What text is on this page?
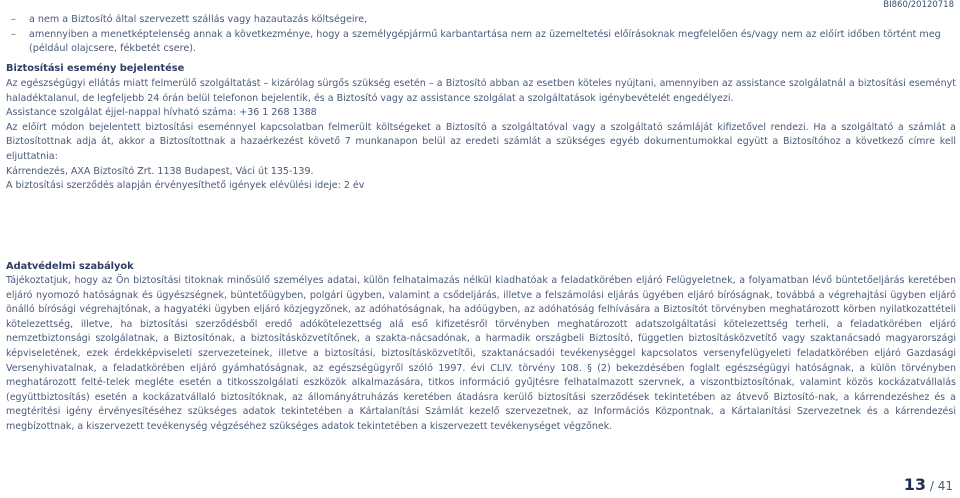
BI860/20120718
–	a nem a Biztosító által szervezett szállás vagy hazautazás költségeire,
–	amennyiben a menetképtelenség annak a következménye, hogy a személygépjármű karbantartása nem az üzemeltetési előírásoknak megfelelően és/vagy nem az előírt időben történt meg (például olajcsere, fékbetét csere).
Biztosítási esemény bejelentése

Az egészségügyi ellátás miatt felmerülő szolgáltatást – kizárólag sürgős szükség esetén – a Biztosító abban az esetben köteles nyújtani, amennyiben az assistance szolgálatnál a biztosítási eseményt haladéktalanul, de legfeljebb 24 órán belül telefonon bejelentik, és a Biztosító vagy az assistance szolgálat a szolgáltatások igénybevételét engedélyezi.

Assistance szolgálat éjjel-nappal hívható száma: +36 1 268 1388

Az előírt módon bejelentett biztosítási eseménnyel kapcsolatban felmerült költségeket a Biztosító a szolgáltatóval vagy a szolgáltató számláját kifizetővel rendezi. Ha a szolgáltató a számlát a Biztosítottnak adja át, akkor a Biztosítottnak a hazaérkezést követő 7 munkanapon belül az eredeti számlát a szükséges egyéb dokumentumokkal együtt a Biztosítóhoz a következő címre kell eljuttatnia:

Kárrendezés, AXA Biztosító Zrt. 1138 Budapest, Váci út 135-139.

A biztosítási szerződés alapján érvényesíthető igények elévülési ideje: 2 év

Adatvédelmi szabályok

Tájékoztatjuk, hogy az Ön biztosítási titoknak minősülő személyes adatai, külön felhatalmazás nélkül kiadhatóak a feladatkörében eljáró Felügyeletnek, a folyamatban lévő büntetőeljárás keretében eljáró nyomozó hatóságnak és ügyészségnek, büntetőügyben, polgári ügyben, valamint a csődeljárás, illetve a felszámolási eljárás ügyében eljáró bíróságnak, továbbá a végrehajtási ügyben eljáró önálló bírósági végrehajtónak, a hagyatéki ügyben eljáró közjegyzőnek, az adóhatóságnak, ha adóügyben, az adóhatóság felhívására a Biztosítót törvényben meghatározott körben nyilatkozattételi kötelezettség, illetve, ha biztosítási szerződésből eredő adókötelezettség alá eső kifizetésről törvényben meghatározott adatszolgáltatási kötelezettség terheli, a feladatkörében eljáró nemzetbiztonsági szolgálatnak, a Biztosítónak, a biztosításközvetítőnek, a szakta-nácsadónak, a harmadik országbeli Biztosító, független biztosításközvetítő vagy szaktanácsadó magyarországi képviseletének, ezek érdekképviseleti szervezeteinek, illetve a biztosítási, biztosításközvetítői, szaktanácsadói tevékenységgel kapcsolatos versenyfelügyeleti feladatkörében eljáró Gazdasági Versenyhivatalnak, a feladatkörében eljáró gyámhatóságnak, az egészségügyről szóló 1997. évi CLIV. törvény 108. § (2) bekezdésében foglalt egészségügyi hatóságnak, a külön törvényben meghatározott felté-telek meglétе esetén a titkosszolgálati eszközök alkalmazására, titkos információ gyűjtésre felhatalmazott szervnek, a viszontbiztosítónak, valamint közös kockázatvállalás (együttbiztosítás) esetén a kockázatvállaló biztosítóknak, az állományátruházás keretében átadásra kerülő biztosítási szerződések tekintetében az átvevő Biztosító-nak, a kárrendezéshez és a megtérítési igény érvényesítéséhez szükséges adatok tekintetében a Kártalanítási Számlát kezelő szervezetnek, az Információs Központnak, a Kártalanítási Szervezetnek és a kárrendezési megbízottnak, a kiszervezett tevékenység végzéséhez szükséges adatok tekintetében a kiszervezett tevékenységet végzőnek.

13 / 41
